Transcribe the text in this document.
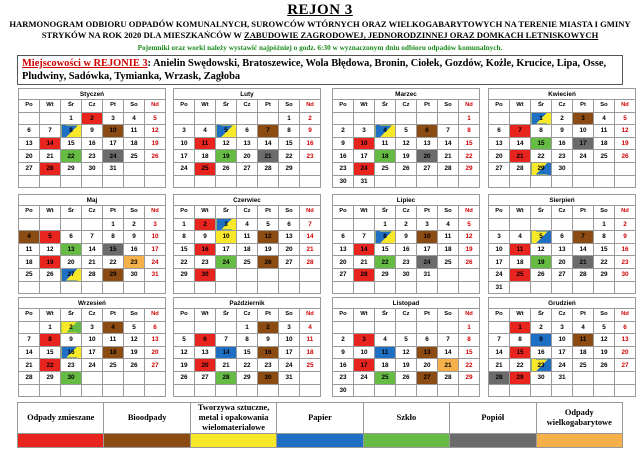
REJON 3
HARMONOGRAM ODBIORU ODPADÓW KOMUNALNYCH, SUROWCÓW WTÓRNYCH ORAZ WIELKOGABARYTOWYCH NA TERENIE MIASTA I GMINY
STRYKÓW NA ROK 2020 DLA MIESZKAŃCÓW W ZABUDOWIE ZAGRODOWEJ, JEDNORODZINNEJ ORAZ DOMKACH LETNISKOWYCH
Pojemniki oraz worki należy wystawić najpóźniej o godz. 6:30 w wyznaczonym dniu odbioru odpadów komunalnych.
Miejscowości w REJONIE 3: Anielin Swędowski, Bratoszewice, Wola Błędowa, Bronin, Ciołek, Gozdów, Kożle, Krucice, Lipa, Osse, Pludwiny, Sadówka, Tymianka, Wrzask, Zagłoba
Styczeń						
Po	Wt	Śr	Cz	Pt	So	Nd
		1	2	3	4	5
6	7	8	9	10	11	12
13	14	15	16	17	18	19
20	21	22	23	24	25	26
27	28	29	30	31		

Luty						
Po	Wt	Śr	Cz	Pt	So	Nd
					1	2
3	4	5	6	7	8	9
10	11	12	13	14	15	16
17	18	19	20	21	22	23
24	25	26	27	28	29	

Marzec						
Po	Wt	Śr	Cz	Pt	So	Nd
						1
2	3	4	5	6	7	8
9	10	11	12	13	14	15
16	17	18	19	20	21	22
23	24	25	26	27	28	29
30	31					
Kwiecień						
Po	Wt	Śr	Cz	Pt	So	Nd
		1	2	3	4	5
6	7	8	9	10	11	12
13	14	15	16	17	18	19
20	21	22	23	24	25	26
27	28	29	30			

Maj						
Po	Wt	Śr	Cz	Pt	So	Nd
				1	2	3
4	5	6	7	8	9	10
11	12	13	14	15	16	17
18	19	20	21	22	23	24
25	26	27	28	29	30	31

Czerwiec						
Po	Wt	Śr	Cz	Pt	So	Nd
1	2	3	4	5	6	7
8	9	10	11	12	13	14
15	16	17	18	19	20	21
22	23	24	25	26	27	28
29	30					

Lipiec						
Po	Wt	Śr	Cz	Pt	So	Nd
		1	2	3	4	5
6	7	8	9	10	11	12
13	14	15	16	17	18	19
20	21	22	23	24	25	26
27	28	29	30	31		

Sierpień						
Po	Wt	Śr	Cz	Pt	So	Nd
					1	2
3	4	5	6	7	8	9
10	11	12	13	14	15	16
17	18	19	20	21	22	23
24	25	26	27	28	29	30
31						
Wrzesień						
Po	Wt	Śr	Cz	Pt	So	Nd
	1	2	3	4	5	6
7	8	9	10	11	12	13
14	15	16	17	18	19	20
21	22	23	24	25	26	27
28	29	30				

Październik						
Po	Wt	Śr	Cz	Pt	So	Nd
			1	2	3	4
5	6	7	8	9	10	11
12	13	14	15	16	17	18
19	20	21	22	23	24	25
26	27	28	29	30	31	

Listopad						
Po	Wt	Śr	Cz	Pt	So	Nd
						1
2	3	4	5	6	7	8
9	10	11	12	13	14	15
16	17	18	19	20	21	22
23	24	25	26	27	28	29
30						
Grudzień						
Po	Wt	Śr	Cz	Pt	So	Nd
	1	2	3	4	5	6
7	8	9	10	11	12	13
14	15	16	17	18	19	20
21	22	23	24	25	26	27
28	29	30	31			

Odpady zmieszane	Bioodpady	Tworzywa sztuczne, metal i opakowania wielomateriałowe	Papier	Szkło	Popiół	Odpady wielkogabarytowe
